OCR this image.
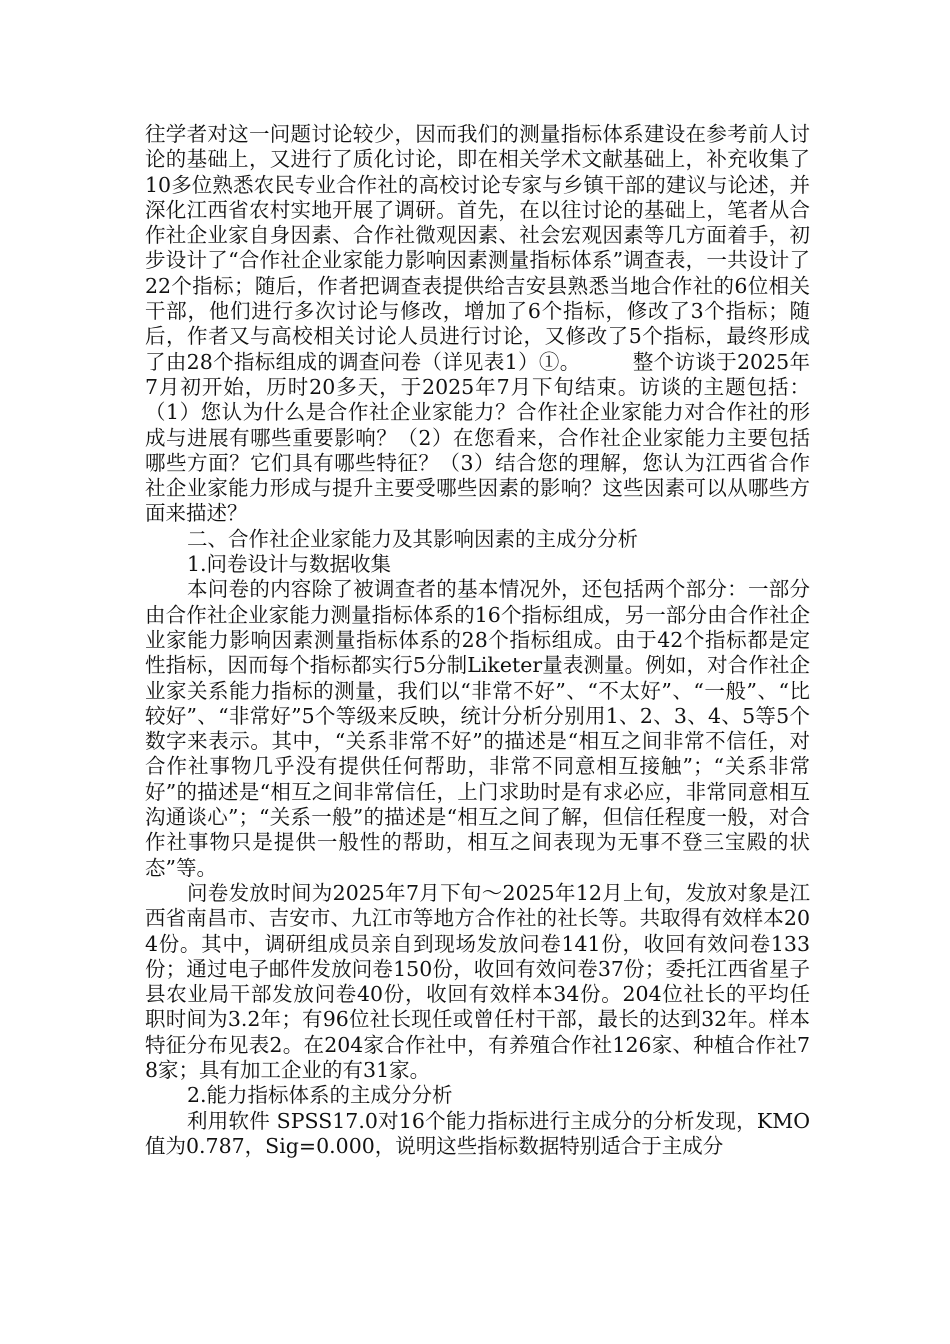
往学者对这一问题讨论较少，因而我们的测量指标体系建设在参考前人讨论的基础上，又进行了质化讨论，即在相关学术文献基础上，补充收集了10多位熟悉农民专业合作社的高校讨论专家与乡镇干部的建议与论述，并深化江西省农村实地开展了调研。首先，在以往讨论的基础上，笔者从合作社企业家自身因素、合作社微观因素、社会宏观因素等几方面着手，初步设计了“合作社企业家能力影响因素测量指标体系”调查表，一共设计了22个指标；随后，作者把调查表提供给吉安县熟悉当地合作社的6位相关干部，他们进行多次讨论与修改，增加了6个指标，修改了3个指标；随后，作者又与高校相关讨论人员进行讨论，又修改了5个指标，最终形成了由28个指标组成的调查问卷（详见表1）①。　　　整个访谈于2025年7月初开始，历时20多天，于2025年7月下旬结束。访谈的主题包括：（1）您认为什么是合作社企业家能力？合作社企业家能力对合作社的形成与进展有哪些重要影响？（2）在您看来，合作社企业家能力主要包括哪些方面？它们具有哪些特征？（3）结合您的理解，您认为江西省合作社企业家能力形成与提升主要受哪些因素的影响？这些因素可以从哪些方面来描述？

二、合作社企业家能力及其影响因素的主成分分析

1.问卷设计与数据收集

本问卷的内容除了被调查者的基本情况外，还包括两个部分：一部分由合作社企业家能力测量指标体系的16个指标组成，另一部分由合作社企业家能力影响因素测量指标体系的28个指标组成。由于42个指标都是定性指标，因而每个指标都实行5分制Liketer量表测量。例如，对合作社企业家关系能力指标的测量，我们以“非常不好”、“不太好”、“一般”、“比较好”、“非常好”5个等级来反映，统计分析分别用1、2、3、4、5等5个数字来表示。其中，“关系非常不好”的描述是“相互之间非常不信任，对合作社事物几乎没有提供任何帮助，非常不同意相互接触”；“关系非常好”的描述是“相互之间非常信任，上门求助时是有求必应，非常同意相互沟通谈心”；“关系一般”的描述是“相互之间了解，但信任程度一般，对合作社事物只是提供一般性的帮助，相互之间表现为无事不登三宝殿的状态”等。

问卷发放时间为2025年7月下旬～2025年12月上旬，发放对象是江西省南昌市、吉安市、九江市等地方合作社的社长等。共取得有效样本204份。其中，调研组成员亲自到现场发放问卷141份，收回有效问卷133份；通过电子邮件发放问卷150份，收回有效问卷37份；委托江西省星子县农业局干部发放问卷40份，收回有效样本34份。204位社长的平均任职时间为3.2年；有96位社长现任或曾任村干部，最长的达到32年。样本特征分布见表2。在204家合作社中，有养殖合作社126家、种植合作社78家；具有加工企业的有31家。

2.能力指标体系的主成分分析

利用软件 SPSS17.0对16个能力指标进行主成分的分析发现，KMO值为0.787，Sig=0.000，说明这些指标数据特别适合于主成分
